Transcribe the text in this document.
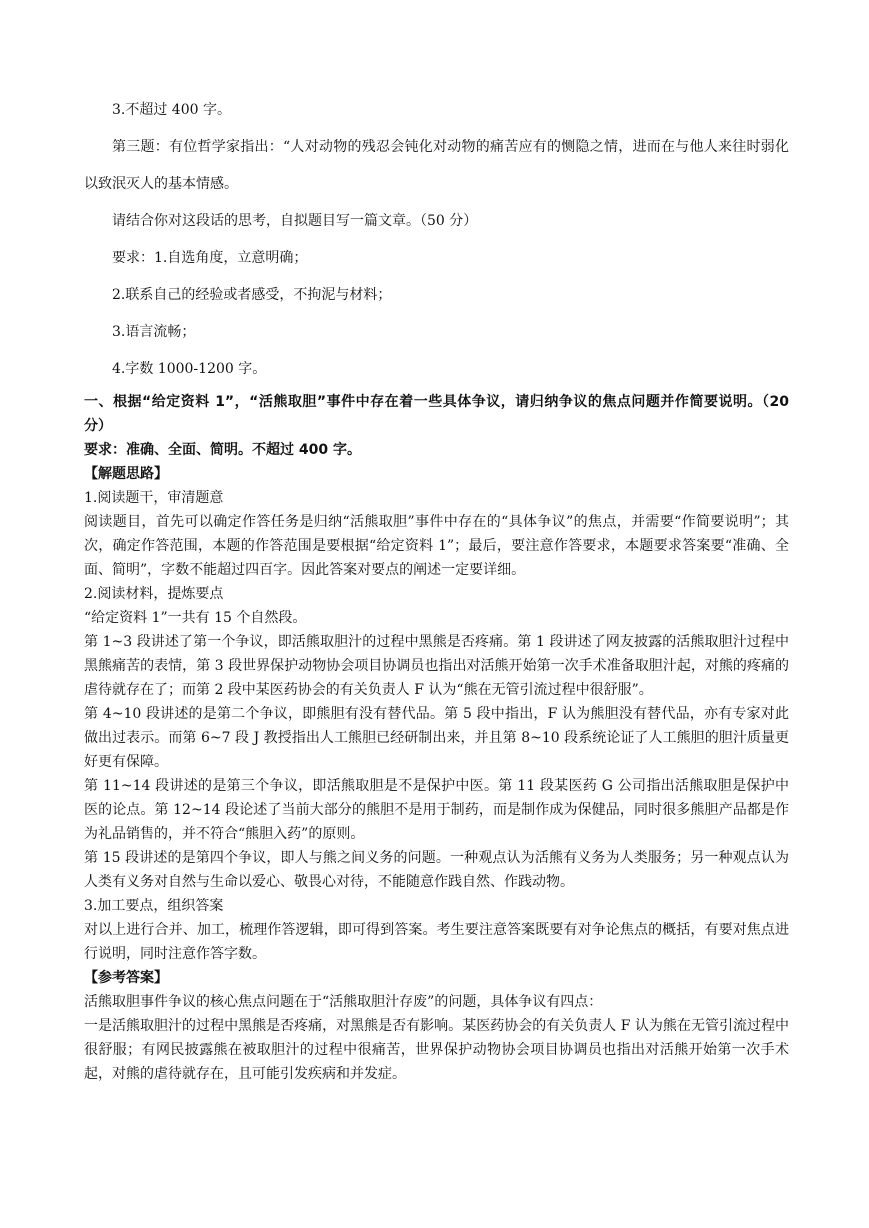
3.不超过 400 字。

第三题：有位哲学家指出：“人对动物的残忍会钝化对动物的痛苦应有的恻隐之情，进而在与他人来往时弱化以致泯灭人的基本情感。

请结合你对这段话的思考，自拟题目写一篇文章。（50 分）

要求：1.自选角度，立意明确；

2.联系自己的经验或者感受，不拘泥与材料；

3.语言流畅；

4.字数 1000-1200 字。

一、根据“给定资料 1”，“活熊取胆”事件中存在着一些具体争议，请归纳争议的焦点问题并作简要说明。（20 分）

要求：准确、全面、简明。不超过 400 字。

【解题思路】

1.阅读题干，审清题意

阅读题目，首先可以确定作答任务是归纳“活熊取胆”事件中存在的“具体争议”的焦点，并需要“作简要说明”；其次，确定作答范围，本题的作答范围是要根据“给定资料 1”；最后，要注意作答要求，本题要求答案要“准确、全面、简明”，字数不能超过四百字。因此答案对要点的阐述一定要详细。

2.阅读材料，提炼要点

“给定资料 1”一共有 15 个自然段。

第 1~3 段讲述了第一个争议，即活熊取胆汁的过程中黑熊是否疼痛。第 1 段讲述了网友披露的活熊取胆汁过程中黑熊痛苦的表情，第 3 段世界保护动物协会项目协调员也指出对活熊开始第一次手术准备取胆汁起，对熊的疼痛的虐待就存在了；而第 2 段中某医药协会的有关负责人 F 认为“熊在无管引流过程中很舒服”。

第 4~10 段讲述的是第二个争议，即熊胆有没有替代品。第 5 段中指出，F 认为熊胆没有替代品，亦有专家对此做出过表示。而第 6~7 段 J 教授指出人工熊胆已经研制出来，并且第 8~10 段系统论证了人工熊胆的胆汁质量更好更有保障。

第 11~14 段讲述的是第三个争议，即活熊取胆是不是保护中医。第 11 段某医药 G 公司指出活熊取胆是保护中医的论点。第 12~14 段论述了当前大部分的熊胆不是用于制药，而是制作成为保健品，同时很多熊胆产品都是作为礼品销售的，并不符合“熊胆入药”的原则。

第 15 段讲述的是第四个争议，即人与熊之间义务的问题。一种观点认为活熊有义务为人类服务；另一种观点认为人类有义务对自然与生命以爱心、敬畏心对待，不能随意作践自然、作践动物。

3.加工要点，组织答案

对以上进行合并、加工，梳理作答逻辑，即可得到答案。考生要注意答案既要有对争论焦点的概括，有要对焦点进行说明，同时注意作答字数。

【参考答案】

活熊取胆事件争议的核心焦点问题在于“活熊取胆汁存废”的问题，具体争议有四点：

一是活熊取胆汁的过程中黑熊是否疼痛，对黑熊是否有影响。某医药协会的有关负责人 F 认为熊在无管引流过程中很舒服；有网民披露熊在被取胆汁的过程中很痛苦，世界保护动物协会项目协调员也指出对活熊开始第一次手术起，对熊的虐待就存在，且可能引发疾病和并发症。
